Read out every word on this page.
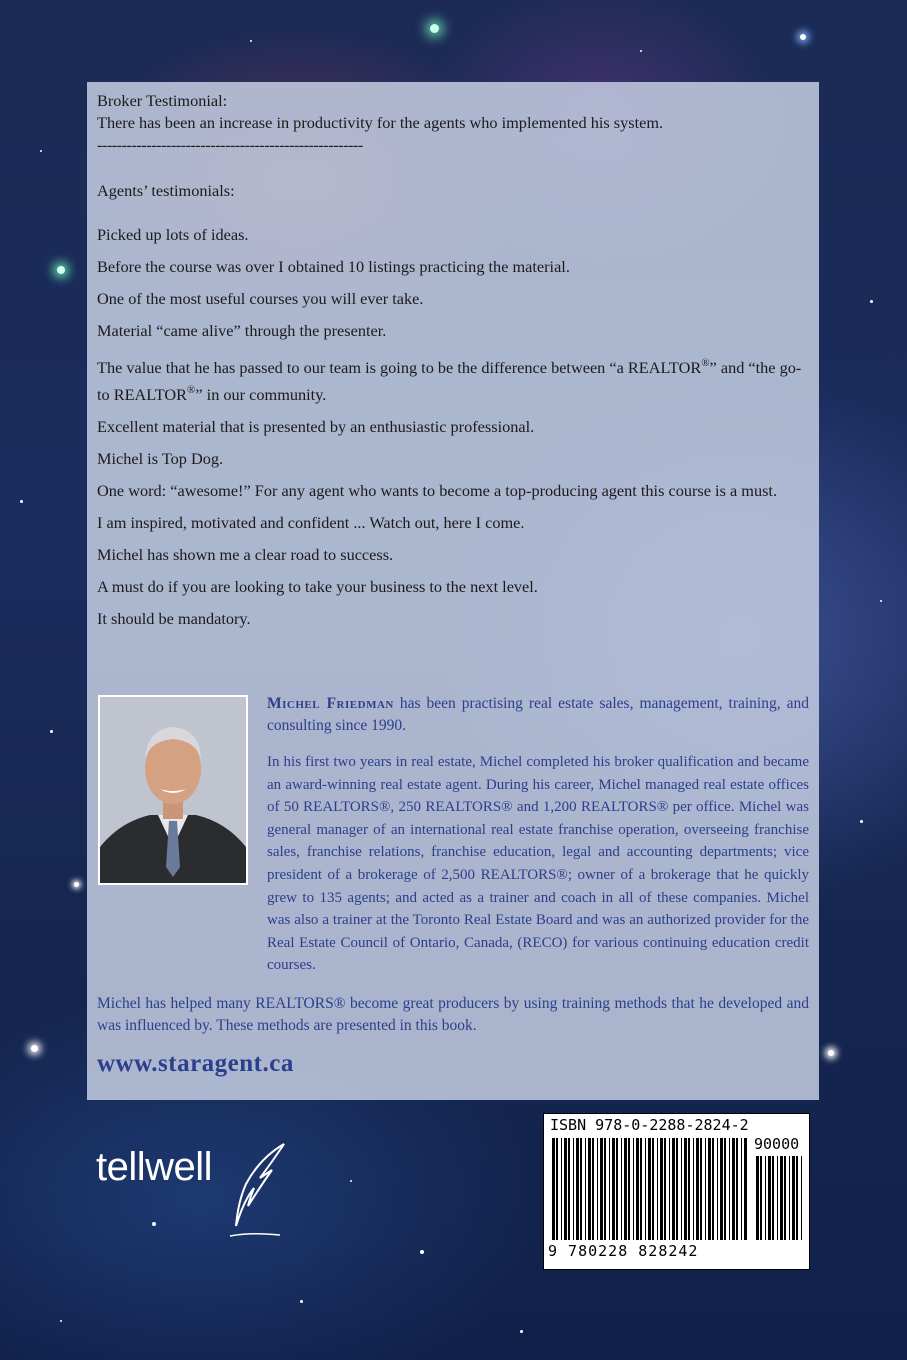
Broker Testimonial:
There has been an increase in productivity for the agents who implemented his system.
------------------------------------------------------
Agents’ testimonials:
Picked up lots of ideas.
Before the course was over I obtained 10 listings practicing the material.
One of the most useful courses you will ever take.
Material “came alive” through the presenter.
The value that he has passed to our team is going to be the difference between “a REALTOR®” and “the go-to REALTOR®” in our community.
Excellent material that is presented by an enthusiastic professional.
Michel is Top Dog.
One word: “awesome!” For any agent who wants to become a top-producing agent this course is a must.
I am inspired, motivated and confident ... Watch out, here I come.
Michel has shown me a clear road to success.
A must do if you are looking to take your business to the next level.
It should be mandatory.
Michel Friedman has been practising real estate sales, management, training, and consulting since 1990.
In his first two years in real estate, Michel completed his broker qualification and became an award-winning real estate agent. During his career, Michel managed real estate offices of 50 REALTORS®, 250 REALTORS® and 1,200 REALTORS® per office. Michel was general manager of an international real estate franchise operation, overseeing franchise sales, franchise relations, franchise education, legal and accounting departments; vice president of a brokerage of 2,500 REALTORS®; owner of a brokerage that he quickly grew to 135 agents; and acted as a trainer and coach in all of these companies. Michel was also a trainer at the Toronto Real Estate Board and was an authorized provider for the Real Estate Council of Ontario, Canada, (RECO) for various continuing education credit courses.
Michel has helped many REALTORS® become great producers by using training methods that he developed and was influenced by. These methods are presented in this book.
www.staragent.ca
ISBN 978-0-2288-2824-2
90000
9 780228 828242
tellwell
